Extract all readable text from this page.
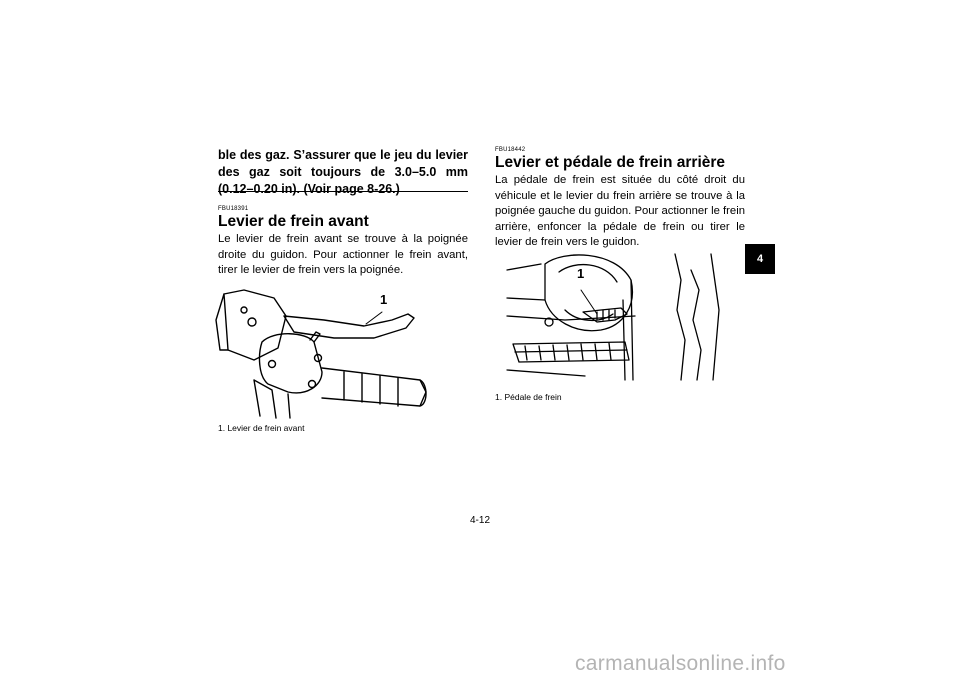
ble des gaz. S’assurer que le jeu du levier des gaz soit toujours de 3.0–5.0 mm (0.12–0.20 in). (Voir page 8-26.)
FBU18391
Levier de frein avant
Le levier de frein avant se trouve à la poignée droite du guidon. Pour actionner le frein avant, tirer le levier de frein vers la poignée.
1
1. Levier de frein avant
FBU18442
Levier et pédale de frein arrière
La pédale de frein est située du côté droit du véhicule et le levier du frein arrière se trouve à la poignée gauche du guidon. Pour actionner le frein arrière, enfoncer la pédale de frein ou tirer le levier de frein vers le guidon.
1
1. Pédale de frein
4
4-12
carmanualsonline.info
